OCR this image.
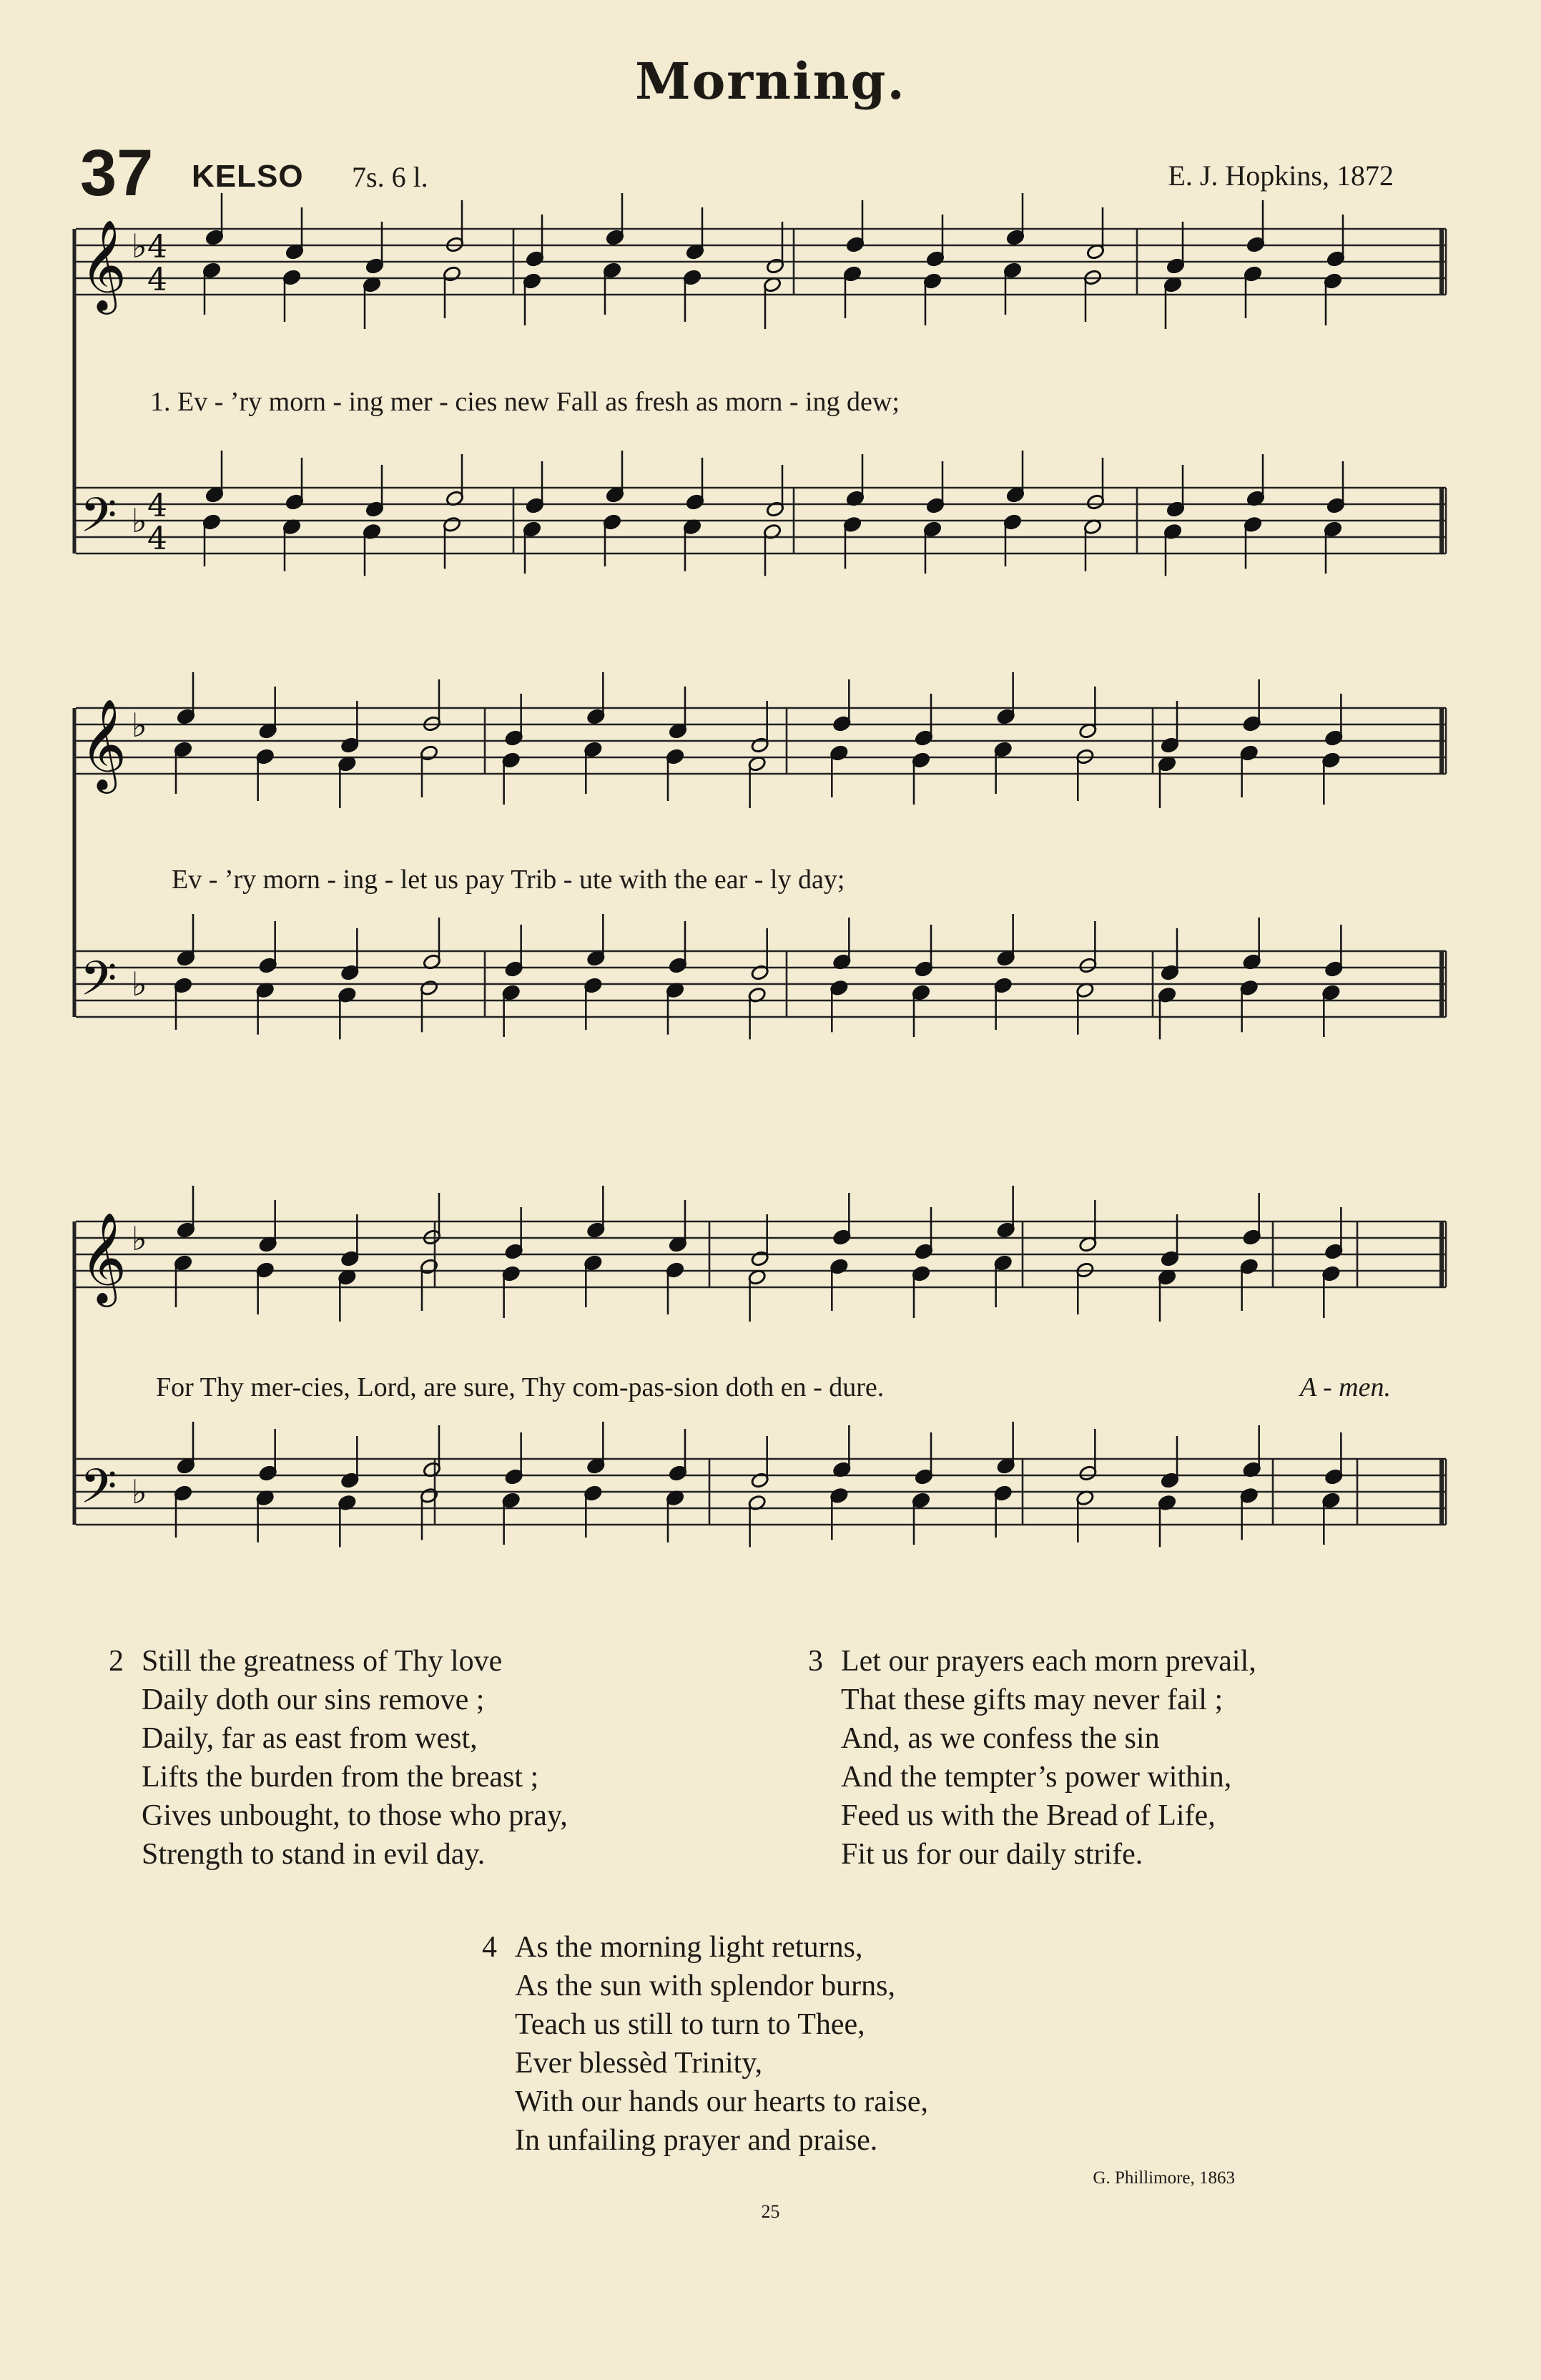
Morning.
37 KELSO 7s. 6 l.	E. J. Hopkins, 1872
𝄞
𝄢
♭
♭
4
4
4
4
𝄞
𝄢
♭
♭
𝄞
𝄢
♭
♭
1. Ev - ’ry morn - ing mer - cies new Fall as fresh as morn - ing dew;
Ev - ’ry morn - ing - let us pay Trib - ute with the ear - ly day;
For Thy mer-cies, Lord, are sure, Thy com-pas-sion doth en - dure.	A - men.
2 Still the greatness of Thy love
Daily doth our sins remove ;
Daily, far as east from west,
Lifts the burden from the breast ;
Gives unbought, to those who pray,
Strength to stand in evil day.
3 Let our prayers each morn prevail,
That these gifts may never fail ;
And, as we confess the sin
And the tempter’s power within,
Feed us with the Bread of Life,
Fit us for our daily strife.
4 As the morning light returns,
As the sun with splendor burns,
Teach us still to turn to Thee,
Ever blessèd Trinity,
With our hands our hearts to raise,
In unfailing prayer and praise.
G. Phillimore, 1863
25
